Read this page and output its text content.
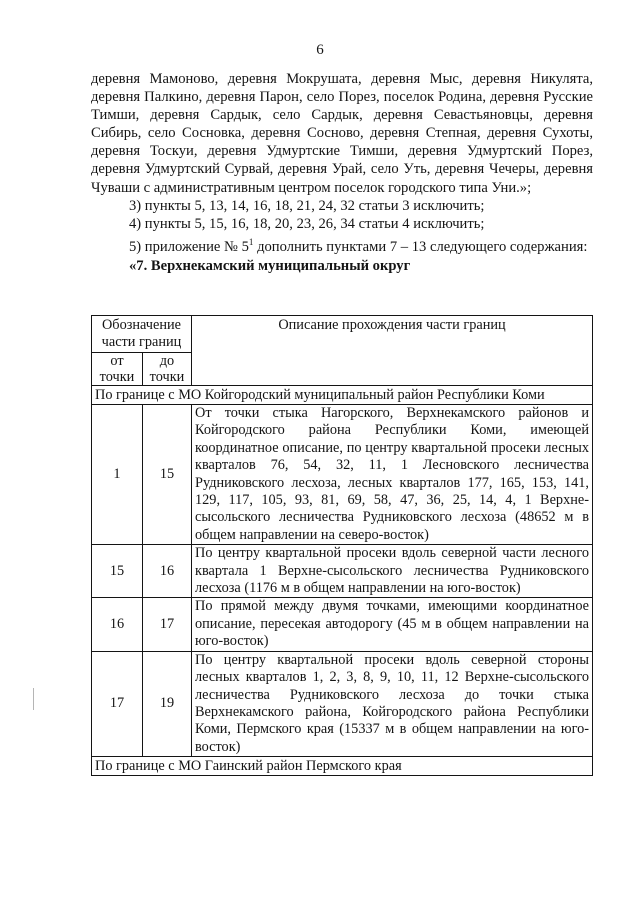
6

деревня Мамоново, деревня Мокрушата, деревня Мыс, деревня Никулята, деревня Палкино, деревня Парон, село Порез, поселок Родина, деревня Русские Тимши, деревня Сардык, село Сардык, деревня Севастьяновцы, деревня Сибирь, село Сосновка, деревня Сосново, деревня Степная, деревня Сухоты, деревня Тоскуи, деревня Удмуртские Тимши, деревня Удмуртский Порез, деревня Удмуртский Сурвай, деревня Урай, село Уть, деревня Чечеры, деревня Чуваши с административным центром поселок городского типа Уни.»;

3) пункты 5, 13, 14, 16, 18, 21, 24, 32 статьи 3 исключить;

4) пункты 5, 15, 16, 18, 20, 23, 26, 34 статьи 4 исключить;

5) приложение № $5^1$ дополнить пунктами 7 – 13 следующего содержания:

«7. Верхнекамский муниципальный округ

Обозначение части границ		Описание прохождения части границ
от точки	до точки	
По границе с МО Койгородский муниципальный район Республики Коми		
1	15	От точки стыка Нагорского, Верхнекамского районов и Койгородского района Республики Коми, имеющей координатное описание, по центру квартальной просеки лесных кварталов 76, 54, 32, 11, 1 Лесновского лесничества Рудниковского лесхоза, лесных кварталов 177, 165, 153, 141, 129, 117, 105, 93, 81, 69, 58, 47, 36, 25, 14, 4, 1 Верхне-сысольского лесничества Рудниковского лесхоза (48652 м в общем направлении на северо-восток)
15	16	По центру квартальной просеки вдоль северной части лесного квартала 1 Верхне-сысольского лесничества Рудниковского лесхоза (1176 м в общем направлении на юго-восток)
16	17	По прямой между двумя точками, имеющими координатное описание, пересекая автодорогу (45 м в общем направлении на юго-восток)
17	19	По центру квартальной просеки вдоль северной стороны лесных кварталов 1, 2, 3, 8, 9, 10, 11, 12 Верхне-сысольского лесничества Рудниковского лесхоза до точки стыка Верхнекамского района, Койгородского района Республики Коми, Пермского края (15337 м в общем направлении на юго-восток)
По границе с МО Гаинский район Пермского края		
